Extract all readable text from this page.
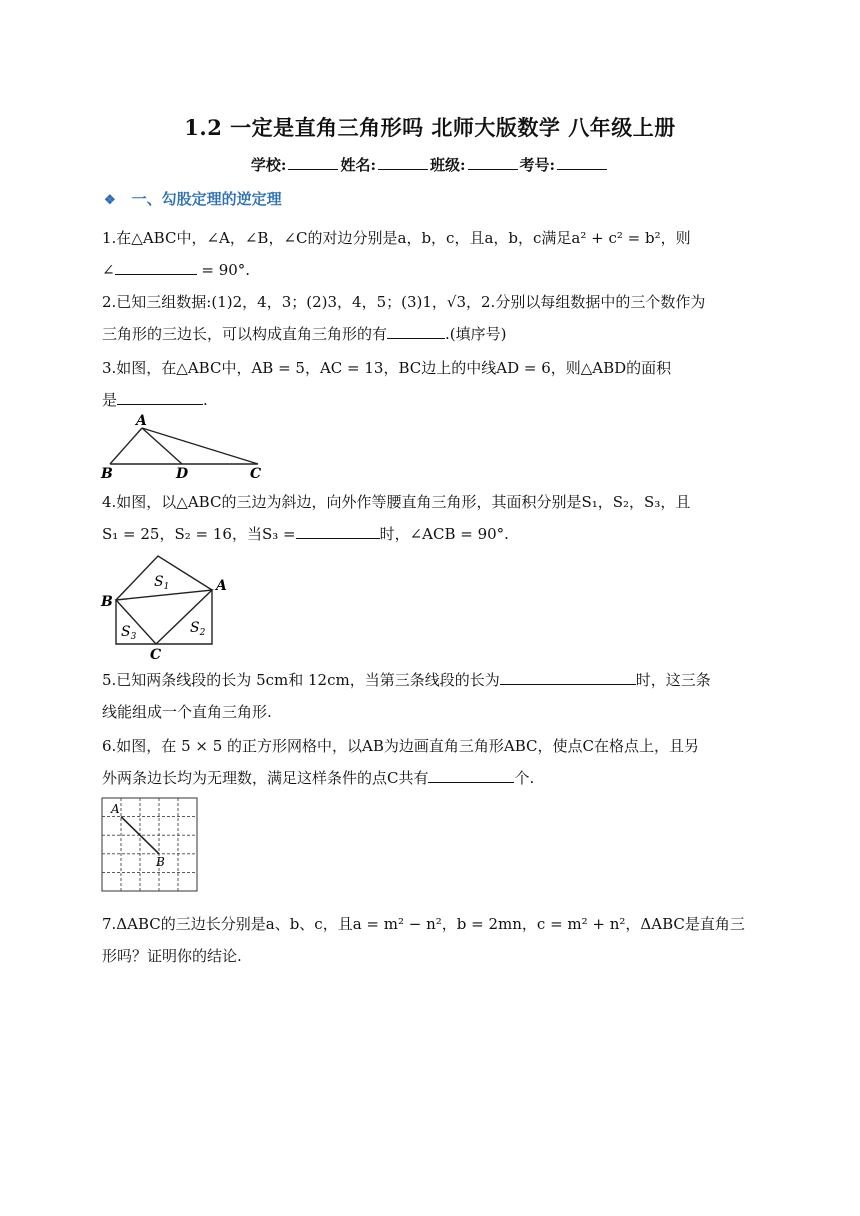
1.2 一定是直角三角形吗 北师大版数学 八年级上册
学校:	姓名:	班级:	考号:
❖ 一、勾股定理的逆定理
1.在△ABC中，∠A，∠B，∠C的对边分别是a，b，c，且a，b，c满足a² + c² = b²，则
∠	= 90°.
2.已知三组数据:(1)2，4，3；(2)3，4，5；(3)1，√3，2.分别以每组数据中的三个数作为
三角形的三边长，可以构成直角三角形的有	.(填序号)
3.如图，在△ABC中，AB = 5，AC = 13，BC边上的中线AD = 6，则△ABD的面积
是	.
A
B	D	C
4.如图，以△ABC的三边为斜边，向外作等腰直角三角形，其面积分别是S₁，S₂，S₃，且
S₁ = 25，S₂ = 16，当S₃ =	时，∠ACB = 90°.
$S_1$
$S_2$
$S_3$
A
B
C
5.已知两条线段的长为 5cm和 12cm，当第三条线段的长为	时，这三条
线能组成一个直角三角形.
6.如图，在 5 × 5 的正方形网格中，以AB为边画直角三角形ABC，使点C在格点上，且另
外两条边长均为无理数，满足这样条件的点C共有	个.
A
B
7.ΔABC的三边长分别是a、b、c，且a = m² − n²，b = 2mn，c = m² + n²，ΔABC是直角三
形吗？证明你的结论.
